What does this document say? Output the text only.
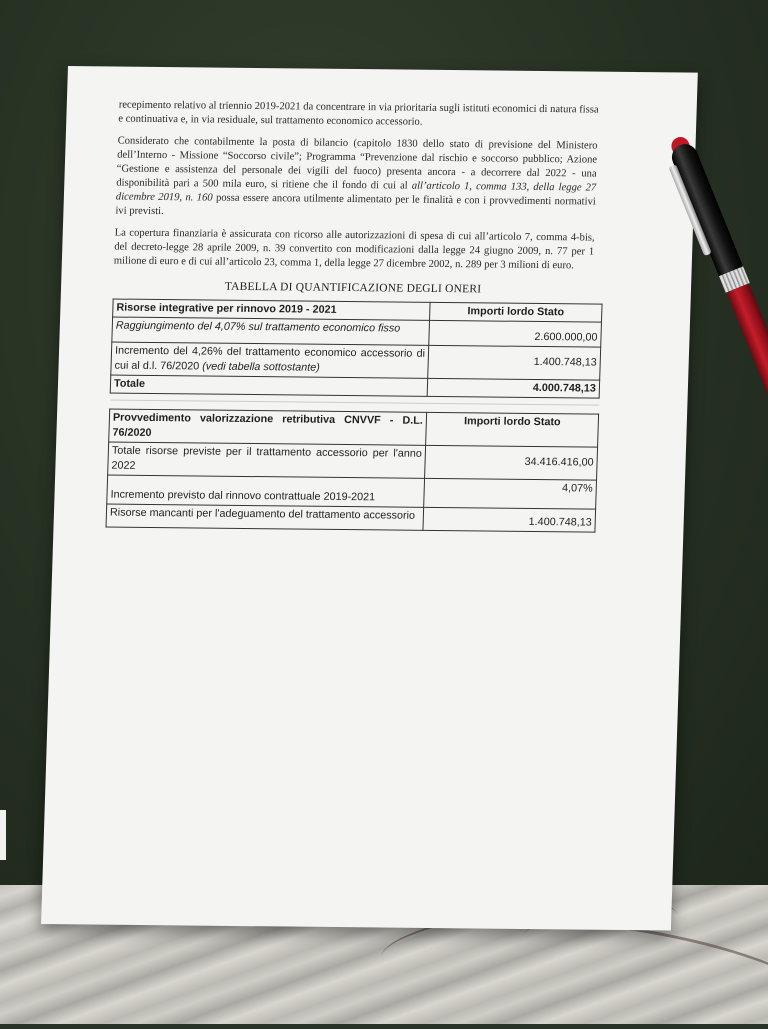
recepimento relativo al triennio 2019-2021 da concentrare in via prioritaria sugli istituti economici di natura fissa e continuativa e, in via residuale, sul trattamento economico accessorio.

Considerato che contabilmente la posta di bilancio (capitolo 1830 dello stato di previsione del Ministero dell’Interno - Missione “Soccorso civile”; Programma “Prevenzione dal rischio e soccorso pubblico; Azione “Gestione e assistenza del personale dei vigili del fuoco) presenta ancora - a decorrere dal 2022 - una disponibilità pari a 500 mila euro, si ritiene che il fondo di cui al all’articolo 1, comma 133, della legge 27 dicembre 2019, n. 160 possa essere ancora utilmente alimentato per le finalità e con i provvedimenti normativi ivi previsti.

La copertura finanziaria è assicurata con ricorso alle autorizzazioni di spesa di cui all’articolo 7, comma 4-bis, del decreto-legge 28 aprile 2009, n. 39 convertito con modificazioni dalla legge 24 giugno 2009, n. 77 per 1 milione di euro e di cui all’articolo 23, comma 1, della legge 27 dicembre 2002, n. 289 per 3 milioni di euro.

TABELLA DI QUANTIFICAZIONE DEGLI ONERI
Risorse integrative per rinnovo 2019 - 2021	Importi lordo Stato
Raggiungimento del 4,07% sul trattamento economico fisso	2.600.000,00
Incremento del 4,26% del trattamento economico accessorio di cui al d.l. 76/2020 (vedi tabella sottostante)	1.400.748,13
Totale	4.000.748,13

Provvedimento valorizzazione retributiva CNVVF - D.L. 76/2020	Importi lordo Stato
Totale risorse previste per il trattamento accessorio per l'anno 2022	34.416.416,00
Incremento previsto dal rinnovo contrattuale 2019-2021	4,07%
Risorse mancanti per l'adeguamento del trattamento accessorio	1.400.748,13
